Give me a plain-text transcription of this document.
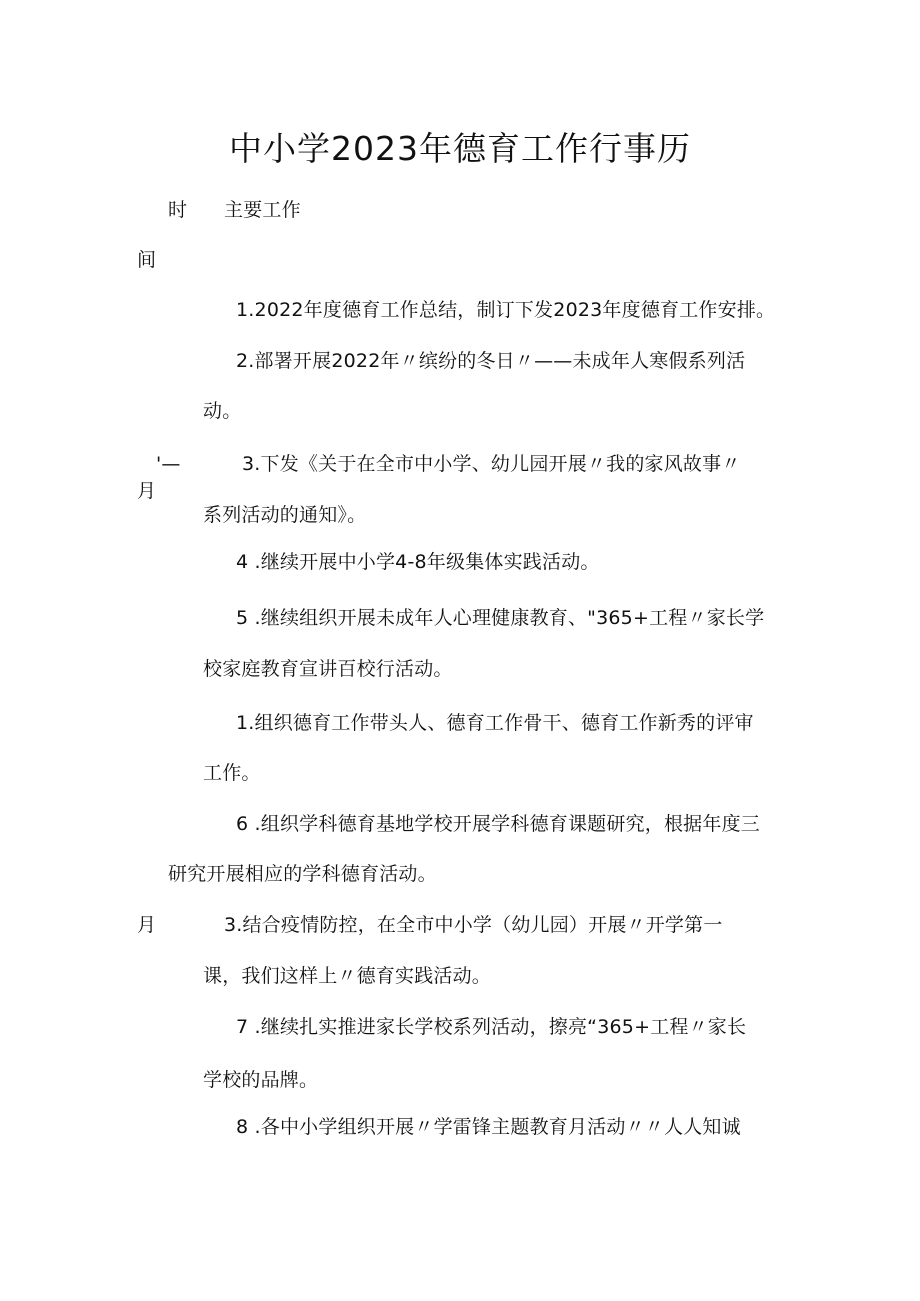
中小学2023年德育工作行事历
时 主要工作
间
1.2022年度德育工作总结，制订下发2023年度德育工作安排。
2.部署开展2022年〃缤纷的冬日〃——未成年人寒假系列活
动。
'—
月
3.下发《关于在全市中小学、幼儿园开展〃我的家风故事〃
系列活动的通知》。
4 .继续开展中小学4-8年级集体实践活动。
5 .继续组织开展未成年人心理健康教育、"365+工程〃家长学
校家庭教育宣讲百校行活动。
1.组织德育工作带头人、德育工作骨干、德育工作新秀的评审
工作。
6 .组织学科德育基地学校开展学科德育课题研究，根据年度三
研究开展相应的学科德育活动。
月	3.结合疫情防控，在全市中小学（幼儿园）开展〃开学第一
课，我们这样上〃德育实践活动。
7 .继续扎实推进家长学校系列活动，擦亮“365+工程〃家长
学校的品牌。
8 .各中小学组织开展〃学雷锋主题教育月活动〃〃人人知诚
